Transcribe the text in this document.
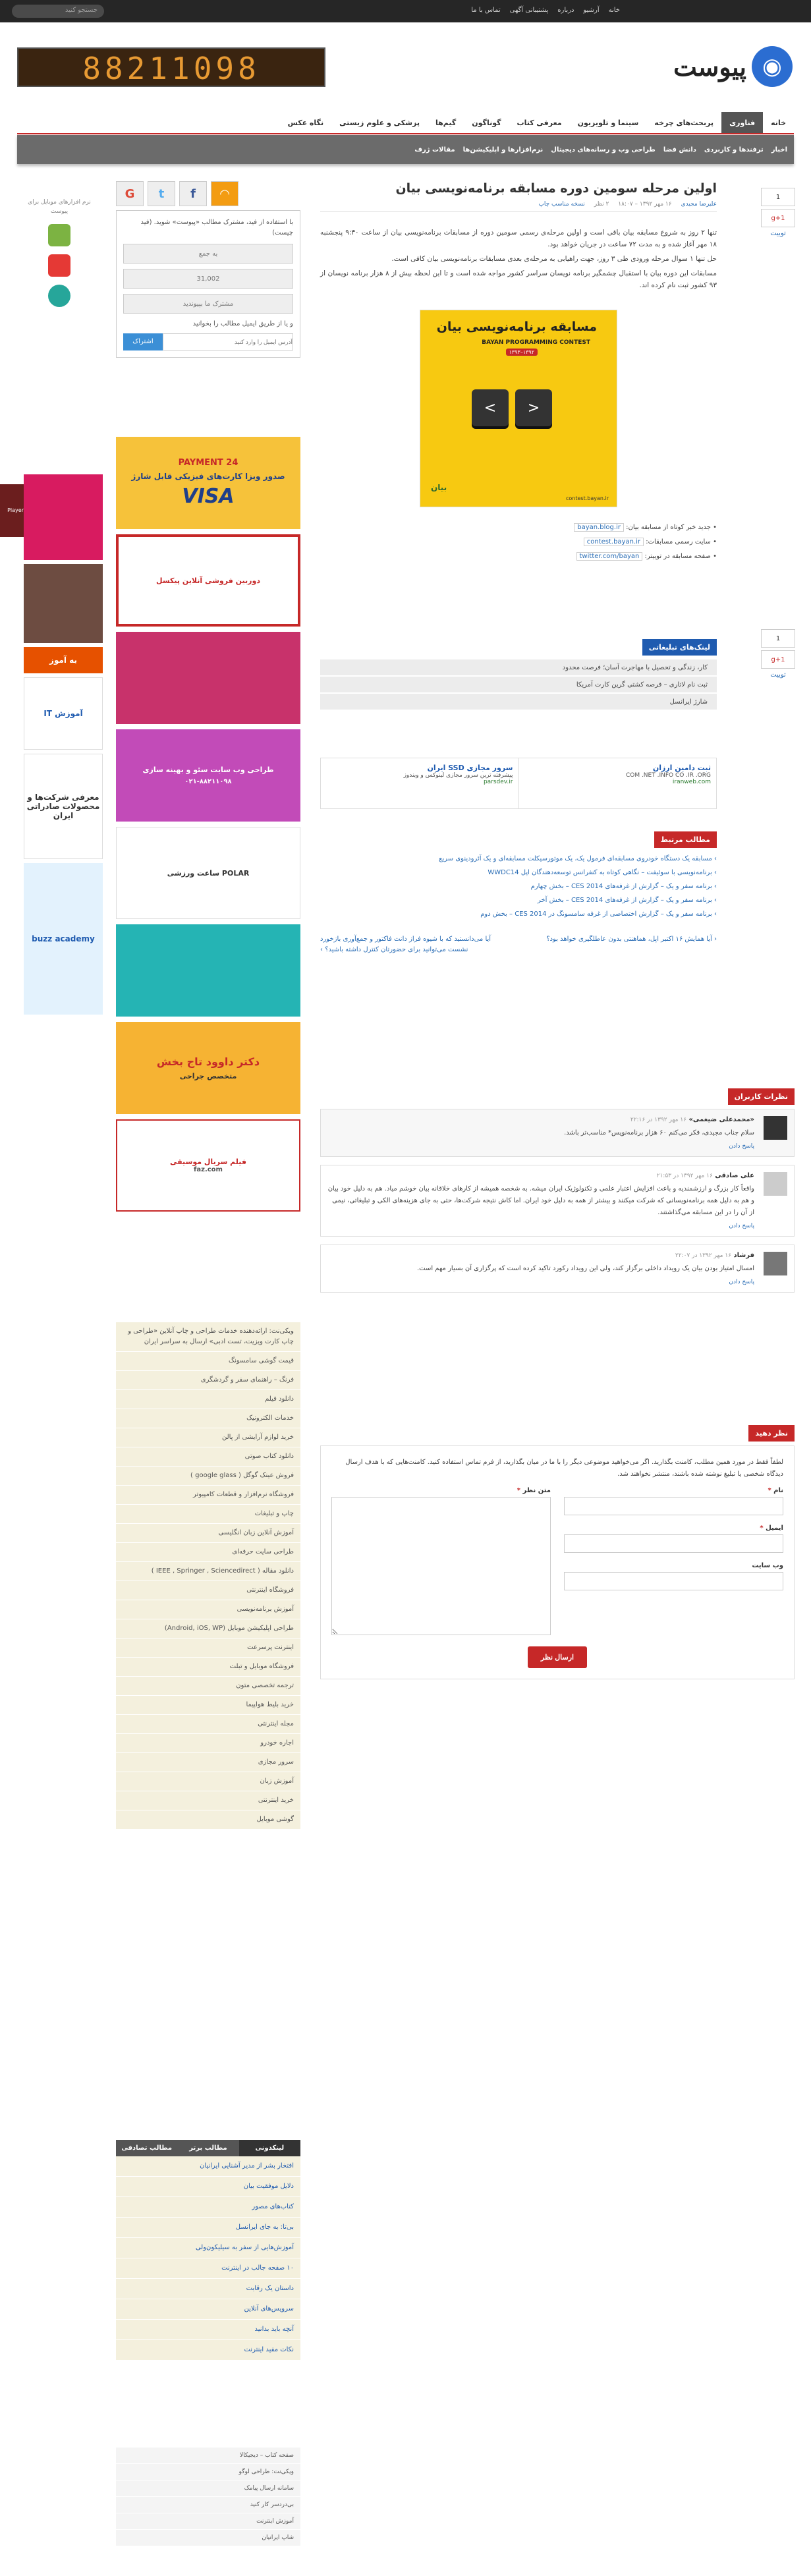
جستجو کنید	خانه
آرشیو
درباره
پشتیبانی آگهی
تماس با ما
88211098	◉
پیوست
خانه
فناوری
پربحث‌های چرخه
سینما و تلویزیون
معرفی کتاب
گوناگون
گیم‌ها
پزشکی و علوم زیستی
نگاه عکس
اخبار
ترفندها و کاربردی
دانش فضا
طراحی وب و رسانه‌های دیجیتال
نرم‌افزارها و اپلیکیشن‌ها
مقالات ژرف
1
g+1
توییت
اولین مرحله سومین دوره مسابقه برنامه‌نویسی بیان
علیرضا مجیدی
۱۶ مهر ۱۳۹۲ – ۱۸:۰۷
۲ نظر
نسخه مناسب چاپ

تنها ۲ روز به شروع مسابقه بیان باقی است و اولین مرحله‌ی رسمی سومین دوره از مسابقات برنامه‌نویسی بیان از ساعت ۹:۳۰ پنجشنبه ۱۸ مهر آغاز شده و به مدت ۷۲ ساعت در جریان خواهد بود.

حل تنها ۱ سوال مرحله ورودی طی ۳ روز، جهت راهیابی به مرحله‌ی بعدی مسابقات برنامه‌نویسی بیان کافی است.

مسابقات این دوره بیان با استقبال چشمگیر برنامه نویسان سراسر کشور مواجه شده است و تا این لحظه بیش از ۸ هزار برنامه نویسان از ۹۳ کشور ثبت نام کرده اند.

مسابقه برنامه‌نویسی بیان
BAYAN PROGRAMMING CONTEST
۱۳۹۲–۱۳۹۳
<
>
بیان
contest.bayan.ir
• جدید خبر کوتاه از مسابقه بیان: bayan.blog.ir
• سایت رسمی مسابقات: contest.bayan.ir
• صفحه مسابقه در توییتر: twitter.com/bayan
1
g+1
توییت
لینک‌های تبلیغاتی
کار، زندگی و تحصیل با مهاجرت آسان؛ فرصت محدود
ثبت نام لاتاری – فرصه کشتی گرین کارت آمریکا
شارژ ایرانسل
ثبت دامین ارزان
COM .NET .INFO CO .IR .ORG
iranweb.com
سرور مجازی SSD ایران
پیشرفته ترین سرور مجازی لینوکس و ویندوز
parsdev.ir
مطالب مرتبط
› مسابقه یک دستگاه خودروی مسابقه‌ای فرمول یک، یک موتورسیکلت مسابقه‌ای و یک آئرودینوی سریع
› برنامه‌نویسی با سوئیفت – نگاهی کوتاه به کنفرانس توسعه‌دهندگان اپل WWDC14
› برنامه سفر و یک – گزارش از غرفه‌های 2014 CES – بخش چهارم
› برنامه سفر و یک – گزارش از غرفه‌های 2014 CES – بخش آخر
› برنامه سفر و یک – گزارش اختصاصی از غرفه سامسونگ در 2014 CES – بخش دوم
‹ آیا همایش ۱۶ اکتبر اپل، هماهنتی بدون عاطلگیری خواهد بود؟
آیا می‌دانستید که با شیوه فراز دانت فاکتور و جمع‌آوری بازخورد نشست می‌توانید برای حضورتان کنترل داشته باشید؟ ›
نظرات کاربران
«محمدعلی ضیغمی» ۱۶ مهر ۱۳۹۲ در ۲۲:۱۶
سلام جناب مجیدی، فکر می‌کنم ۶۰ هزار برنامه‌نویس* مناسب‌تر باشد.
پاسخ دادن
علی صادقی ۱۶ مهر ۱۳۹۲ در ۲۱:۵۳
واقعاً کار بزرگ و ارزشمندیه و باعث افزایش اعتبار علمی و تکنولوژیک ایران میشه. به شخصه همیشه از کارهای خلاقانه بیان خوشم میاد. هم به دلیل خود بیان و هم به دلیل همه برنامه‌نویسانی که شرکت میکنند و بیشتر از همه به دلیل خود ایران. اما کاش نتیجه شرکت‌ها، حتی به جای هزینه‌های الکی و تبلیغاتی، نیمی از آن را در این مسابقه می‌گذاشتند.
پاسخ دادن
فرشاد ۱۶ مهر ۱۳۹۲ در ۲۲:۰۷
امسال امتیاز بودن بیان یک رویداد داخلی برگزار کند، ولی این رویداد رکورد تاکید کرده است که پرگزاری آن بسیار مهم است.
پاسخ دادن
نظر دهید
لطفاً فقط در مورد همین مطلب، کامنت بگذارید. اگر می‌خواهید موضوعی دیگر را با ما در میان بگذارید، از فرم تماس استفاده کنید. کامنت‌هایی که با هدف ارسال دیدگاه شخصی یا تبلیغ نوشته شده باشند، منتشر نخواهند شد.
نام *
ایمیل *
وب سایت
متن نظر *
ارسال نظر
◠
f
t
G
با استفاده از فید، مشترک مطالب «پیوست» شوید. (فید چیست)
به جمع
31,002
مشترک ما بپیوندید
و یا از طریق ایمیل مطالب را بخوانید
آدرس ایمیل را وارد کنید
اشتراک
PAYMENT 24
صدور ویزا کارت‌های فیزیکی قابل شارژ
VISA
دوربین فروشی آنلاین پیکسل
طراحی وب سایت سئو و بهینه سازی
۰۲۱-۸۸۲۱۱۰۹۸
POLAR ساعت ورزشی
دکتر داوود تاج بخش
متخصص جراحی
فیلم سریال موسیقی
faz.com
نرم افزارهای موبایل برای پیوست
Player
به آموز
آموزش IT
معرفی شرکت‌ها و محصولات صادراتی ایران
buzz academy
ویکی‌نت: ارائه‌دهنده خدمات طراحی و چاپ آنلاین «طراحی و چاپ کارت ویزیت، تست ادبی» ارسال به سراسر ایران
قیمت گوشی سامسونگ
فرنگ – راهنمای سفر و گردشگری
دانلود فیلم
خدمات الکترونیک
خرید لوازم آرایشی از پالن
دانلود کتاب صوتی
فروش عینک گوگل ( google glass )
فروشگاه نرم‌افزار و قطعات کامپیوتر
چاپ و تبلیغات
آموزش آنلاین زبان انگلیسی
طراحی سایت حرفه‌ای
دانلود مقاله ( IEEE , Springer , Sciencedirect )
فروشگاه اینترنتی
آموزش برنامه‌نویسی
طراحی اپلیکیشن موبایل (Android, iOS, WP)
اینترنت پرسرعت
فروشگاه موبایل و تبلت
ترجمه تخصصی متون
خرید بلیط هواپیما
مجله اینترنتی
اجاره خودرو
سرور مجازی
آموزش زبان
خرید اینترنتی
گوشی موبایل
لینکدونی
مطالب برتر
مطالب تصادفی
افتخار بشر از مدیر آشنایی ایرانیان
دلایل موفقیت بیان
کتاب‌های مصور
بی‌تا: به جای ایرانسل
آموزش‌هایی از سفر به سیلیکون‌ولی
۱۰ صفحه جالب در اینترنت
داستان یک رقابت
سرویس‌های آنلاین
آنچه باید بدانید
نکات مفید اینترنت
صفحه کتاب – دیجیکالا
ویکی‌نت: طراحی لوگو
سامانه ارسال پیامک
بی‌دردسر کار کنید
آموزش اینترنت
شاپ ایرانیان
